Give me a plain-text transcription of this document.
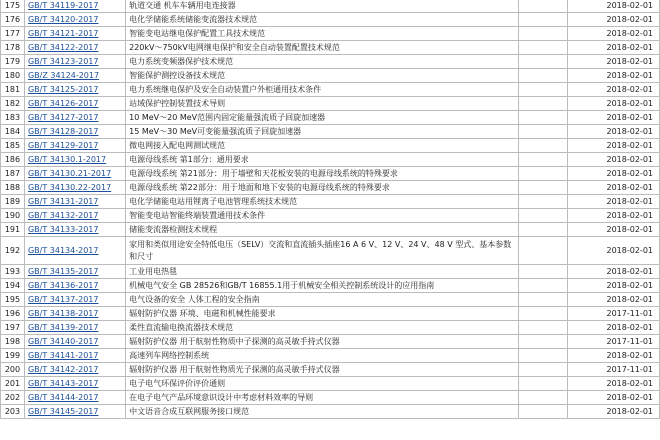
175	GB/T 34119-2017	轨道交通 机车车辆用电连接器		2018-02-01
176	GB/T 34120-2017	电化学储能系统储能变流器技术规范		2018-02-01
177	GB/T 34121-2017	智能变电站继电保护配置工具技术规范		2018-02-01
178	GB/T 34122-2017	220kV～750kV电网继电保护和安全自动装置配置技术规范		2018-02-01
179	GB/T 34123-2017	电力系统变频器保护技术规范		2018-02-01
180	GB/Z 34124-2017	智能保护测控设备技术规范		2018-02-01
181	GB/T 34125-2017	电力系统继电保护及安全自动装置户外柜通用技术条件		2018-02-01
182	GB/T 34126-2017	站域保护控制装置技术导则		2018-02-01
183	GB/T 34127-2017	10 MeV～20 MeV范围内固定能量强流质子回旋加速器		2018-02-01
184	GB/T 34128-2017	15 MeV～30 MeV可变能量强流质子回旋加速器		2018-02-01
185	GB/T 34129-2017	微电网接入配电网测试规范		2018-02-01
186	GB/T 34130.1-2017	电源母线系统 第1部分：通用要求		2018-02-01
187	GB/T 34130.21-2017	电源母线系统 第21部分：用于墙壁和天花板安装的电源母线系统的特殊要求		2018-02-01
188	GB/T 34130.22-2017	电源母线系统 第22部分：用于地面和地下安装的电源母线系统的特殊要求		2018-02-01
189	GB/T 34131-2017	电化学储能电站用锂离子电池管理系统技术规范		2018-02-01
190	GB/T 34132-2017	智能变电站智能终端装置通用技术条件		2018-02-01
191	GB/T 34133-2017	储能变流器检测技术规程		2018-02-01
192	GB/T 34134-2017	家用和类似用途安全特低电压（SELV）交流和直流插头插座16 A 6 V、12 V、24 V、48 V 型式、基本参数和尺寸		2018-02-01
193	GB/T 34135-2017	工业用电热毯		2018-02-01
194	GB/T 34136-2017	机械电气安全 GB 28526和GB/T 16855.1用于机械安全相关控制系统设计的应用指南		2018-02-01
195	GB/T 34137-2017	电气设备的安全 人体工程的安全指南		2018-02-01
196	GB/T 34138-2017	辐射防护仪器 环境、电磁和机械性能要求		2017-11-01
197	GB/T 34139-2017	柔性直流输电换流器技术规范		2018-02-01
198	GB/T 34140-2017	辐射防护仪器 用于航射性物质中子探测的高灵敏手持式仪器		2017-11-01
199	GB/T 34141-2017	高速列车网络控制系统		2018-02-01
200	GB/T 34142-2017	辐射防护仪器 用于航射性物质光子探测的高灵敏手持式仪器		2017-11-01
201	GB/T 34143-2017	电子电气环保评价评价通则		2018-02-01
202	GB/T 34144-2017	在电子电气产品环境意识设计中考虑材料效率的导则		2018-02-01
203	GB/T 34145-2017	中文语音合成互联网服务接口规范		2018-02-01
